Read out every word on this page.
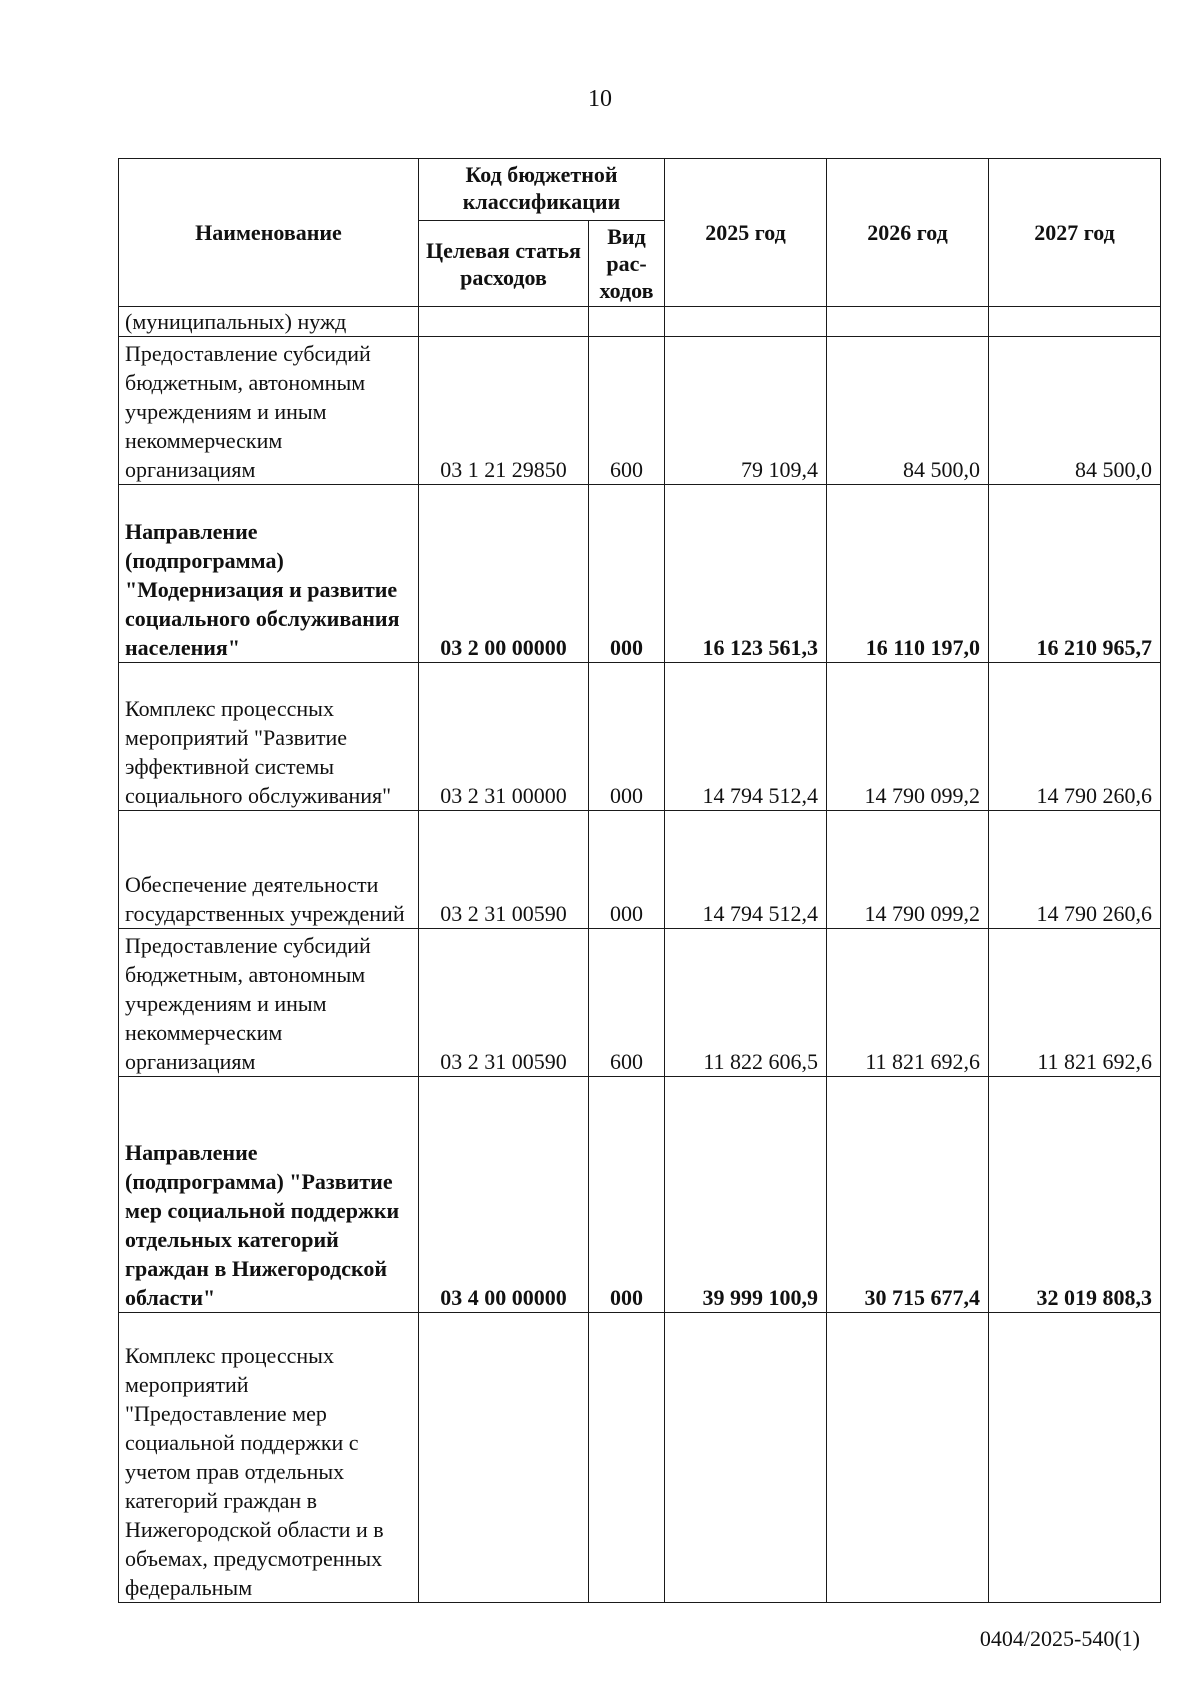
10
Наименование	Код бюджетной классификации		2025 год	2026 год	2027 год
	Целевая статья расходов	Вид рас-ходов			
(муниципальных) нужд					
Предоставление субсидий бюджетным, автономным учреждениям и иным некоммерческим организациям	03 1 21 29850	600	79 109,4	84 500,0	84 500,0
Направление (подпрограмма) "Модернизация и развитие социального обслуживания населения"	03 2 00 00000	000	16 123 561,3	16 110 197,0	16 210 965,7
Комплекс процессных мероприятий "Развитие эффективной системы социального обслуживания"	03 2 31 00000	000	14 794 512,4	14 790 099,2	14 790 260,6
Обеспечение деятельности государственных учреждений	03 2 31 00590	000	14 794 512,4	14 790 099,2	14 790 260,6
Предоставление субсидий бюджетным, автономным учреждениям и иным некоммерческим организациям	03 2 31 00590	600	11 822 606,5	11 821 692,6	11 821 692,6
Направление (подпрограмма) "Развитие мер социальной поддержки отдельных категорий граждан в Нижегородской области"	03 4 00 00000	000	39 999 100,9	30 715 677,4	32 019 808,3
Комплекс процессных мероприятий "Предоставление мер социальной поддержки с учетом прав отдельных категорий граждан в Нижегородской области и в объемах, предусмотренных федеральным					
0404/2025-540(1)
